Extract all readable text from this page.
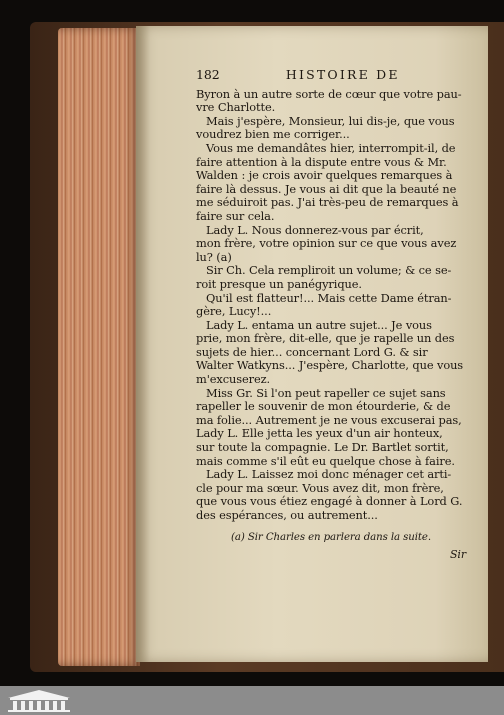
182	HISTOIRE DE

Byron à un autre sorte de cœur que votre pau-

vre Charlotte.

Mais j'espère, Monsieur, lui dis-je, que vous

voudrez bien me corriger...

Vous me demandâtes hier, interrompit-il, de

faire attention à la dispute entre vous & Mr.

Walden : je crois avoir quelques remarques à

faire là dessus. Je vous ai dit que la beauté ne

me séduiroit pas. J'ai très-peu de remarques à

faire sur cela.

Lady L. Nous donnerez-vous par écrit,

mon frère, votre opinion sur ce que vous avez

lu? (a)

Sir Ch. Cela rempliroit un volume; & ce se-

roit presque un panégyrique.

Qu'il est flatteur!... Mais cette Dame étran-

gère, Lucy!...

Lady L. entama un autre sujet... Je vous

prie, mon frère, dit-elle, que je rapelle un des

sujets de hier... concernant Lord G. & sir

Walter Watkyns... J'espère, Charlotte, que vous

m'excuserez.

Miss Gr. Si l'on peut rapeller ce sujet sans

rapeller le souvenir de mon étourderie, & de

ma folie... Autrement je ne vous excuserai pas,

Lady L. Elle jetta les yeux d'un air honteux,

sur toute la compagnie. Le Dr. Bartlet sortit,

mais comme s'il eût eu quelque chose à faire.

Lady L. Laissez moi donc ménager cet arti-

cle pour ma sœur. Vous avez dit, mon frère,

que vous vous étiez engagé à donner à Lord G.

des espérances, ou autrement...

(a) Sir Charles en parlera dans la suite.
Sir
